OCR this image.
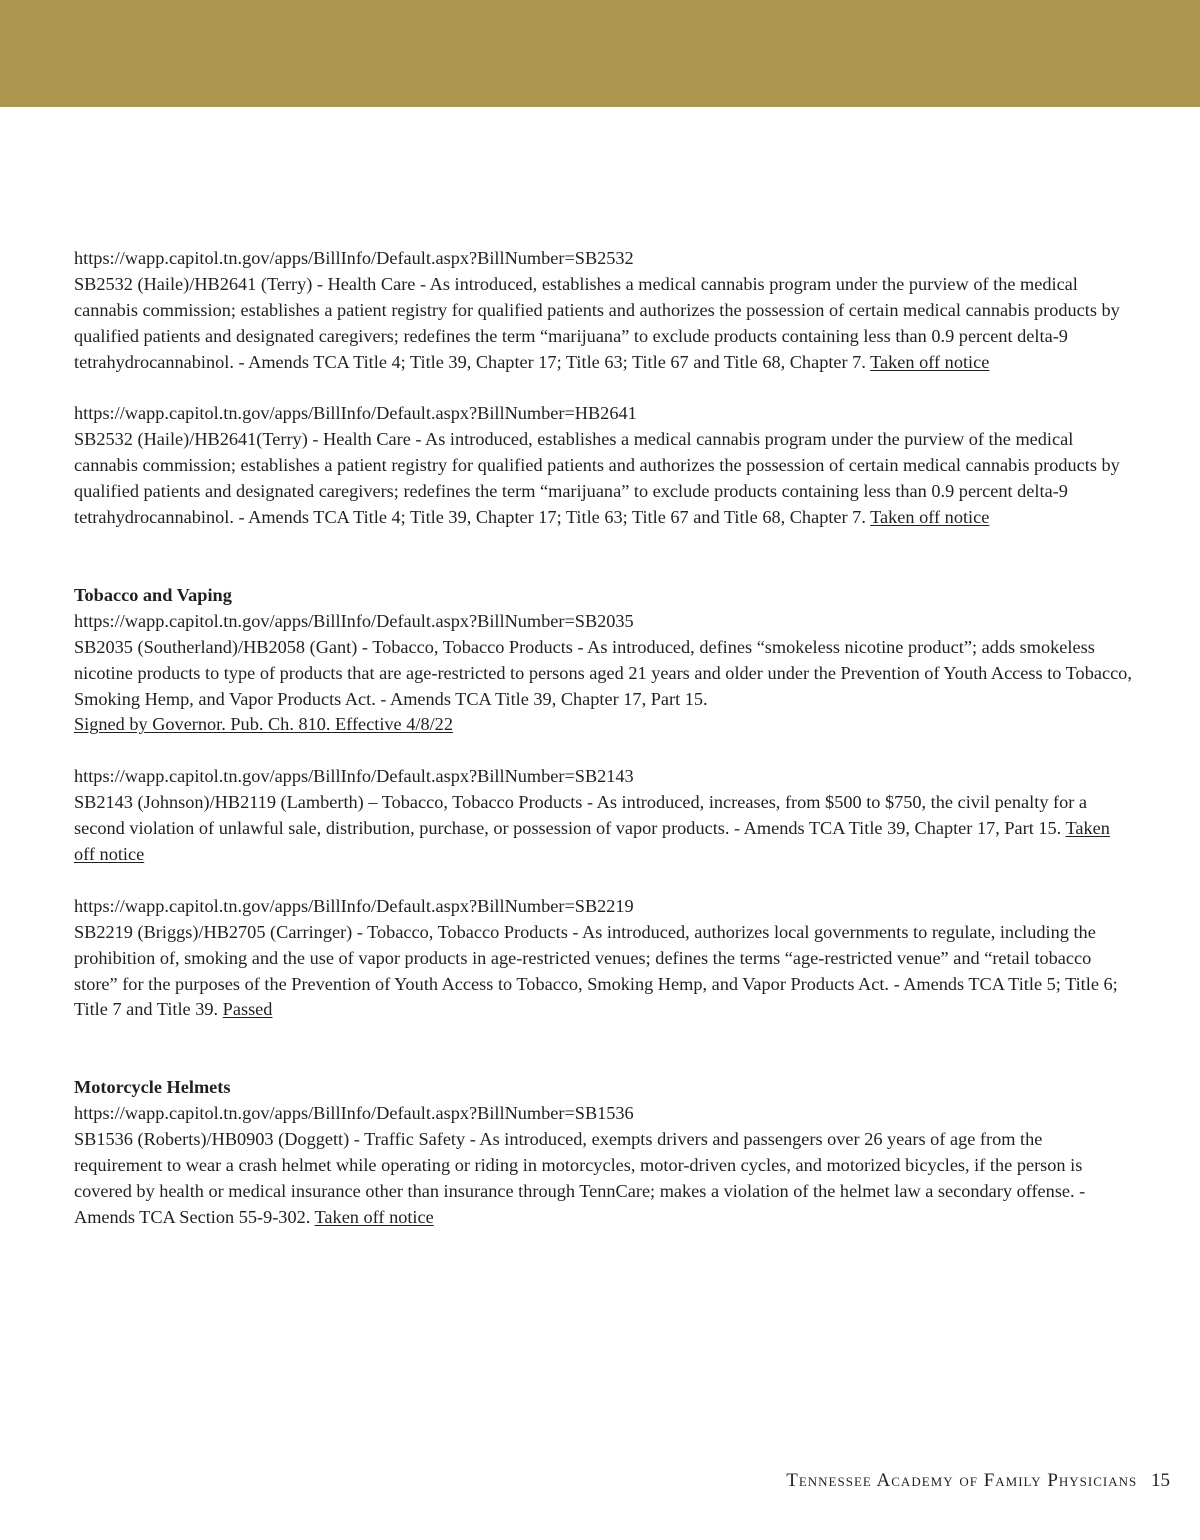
https://wapp.capitol.tn.gov/apps/BillInfo/Default.aspx?BillNumber=SB2532
SB2532 (Haile)/HB2641 (Terry) - Health Care - As introduced, establishes a medical cannabis program under the purview of the medical cannabis commission; establishes a patient registry for qualified patients and authorizes the possession of certain medical cannabis products by qualified patients and designated caregivers; redefines the term “marijuana” to exclude products containing less than 0.9 percent delta-9 tetrahydrocannabinol. - Amends TCA Title 4; Title 39, Chapter 17; Title 63; Title 67 and Title 68, Chapter 7. Taken off notice
https://wapp.capitol.tn.gov/apps/BillInfo/Default.aspx?BillNumber=HB2641
SB2532 (Haile)/HB2641(Terry) - Health Care - As introduced, establishes a medical cannabis program under the purview of the medical cannabis commission; establishes a patient registry for qualified patients and authorizes the possession of certain medical cannabis products by qualified patients and designated caregivers; redefines the term “marijuana” to exclude products containing less than 0.9 percent delta-9 tetrahydrocannabinol. - Amends TCA Title 4; Title 39, Chapter 17; Title 63; Title 67 and Title 68, Chapter 7. Taken off notice

Tobacco and Vaping

https://wapp.capitol.tn.gov/apps/BillInfo/Default.aspx?BillNumber=SB2035
SB2035 (Southerland)/HB2058 (Gant) - Tobacco, Tobacco Products - As introduced, defines “smokeless nicotine product”; adds smokeless nicotine products to type of products that are age-restricted to persons aged 21 years and older under the Prevention of Youth Access to Tobacco, Smoking Hemp, and Vapor Products Act. - Amends TCA Title 39, Chapter 17, Part 15.
Signed by Governor. Pub. Ch. 810. Effective 4/8/22
https://wapp.capitol.tn.gov/apps/BillInfo/Default.aspx?BillNumber=SB2143
SB2143 (Johnson)/HB2119 (Lamberth) – Tobacco, Tobacco Products - As introduced, increases, from $500 to $750, the civil penalty for a second violation of unlawful sale, distribution, purchase, or possession of vapor products. - Amends TCA Title 39, Chapter 17, Part 15. Taken off notice
https://wapp.capitol.tn.gov/apps/BillInfo/Default.aspx?BillNumber=SB2219
SB2219 (Briggs)/HB2705 (Carringer) - Tobacco, Tobacco Products - As introduced, authorizes local governments to regulate, including the prohibition of, smoking and the use of vapor products in age-restricted venues; defines the terms “age-restricted venue” and “retail tobacco store” for the purposes of the Prevention of Youth Access to Tobacco, Smoking Hemp, and Vapor Products Act. - Amends TCA Title 5; Title 6; Title 7 and Title 39. Passed

Motorcycle Helmets

https://wapp.capitol.tn.gov/apps/BillInfo/Default.aspx?BillNumber=SB1536
SB1536 (Roberts)/HB0903 (Doggett) - Traffic Safety - As introduced, exempts drivers and passengers over 26 years of age from the requirement to wear a crash helmet while operating or riding in motorcycles, motor-driven cycles, and motorized bicycles, if the person is covered by health or medical insurance other than insurance through TennCare; makes a violation of the helmet law a secondary offense. - Amends TCA Section 55-9-302. Taken off notice
Tennessee Academy of Family Physicians 15
